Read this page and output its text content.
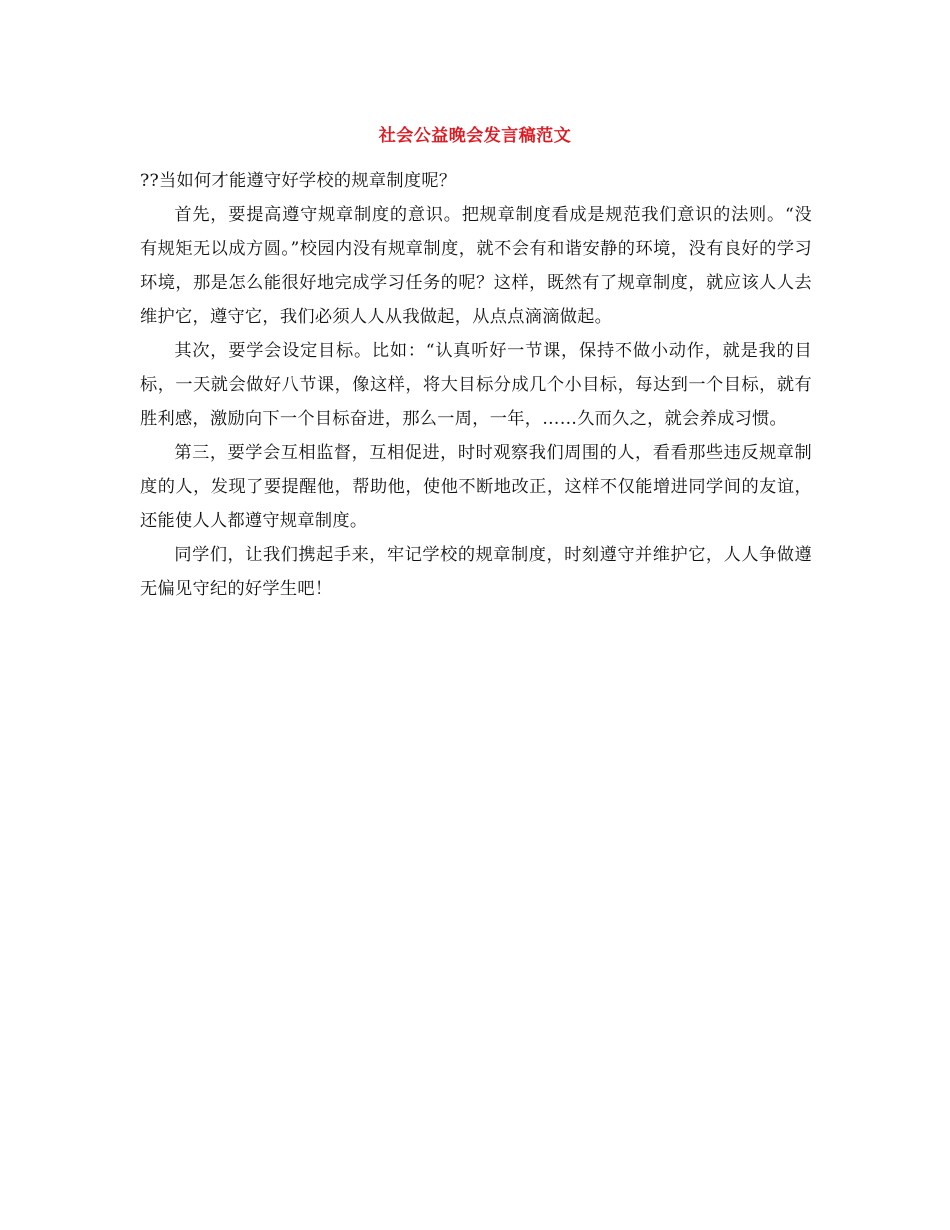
社会公益晚会发言稿范文

??当如何才能遵守好学校的规章制度呢？

首先，要提高遵守规章制度的意识。把规章制度看成是规范我们意识的法则。“没有规矩无以成方圆。”校园内没有规章制度，就不会有和谐安静的环境，没有良好的学习环境，那是怎么能很好地完成学习任务的呢？这样，既然有了规章制度，就应该人人去维护它，遵守它，我们必须人人从我做起，从点点滴滴做起。

其次，要学会设定目标。比如：“认真听好一节课，保持不做小动作，就是我的目标，一天就会做好八节课，像这样，将大目标分成几个小目标，每达到一个目标，就有胜利感，激励向下一个目标奋进，那么一周，一年，……久而久之，就会养成习惯。

第三，要学会互相监督，互相促进，时时观察我们周围的人，看看那些违反规章制度的人，发现了要提醒他，帮助他，使他不断地改正，这样不仅能增进同学间的友谊，还能使人人都遵守规章制度。

同学们，让我们携起手来，牢记学校的规章制度，时刻遵守并维护它，人人争做遵无偏见守纪的好学生吧！
